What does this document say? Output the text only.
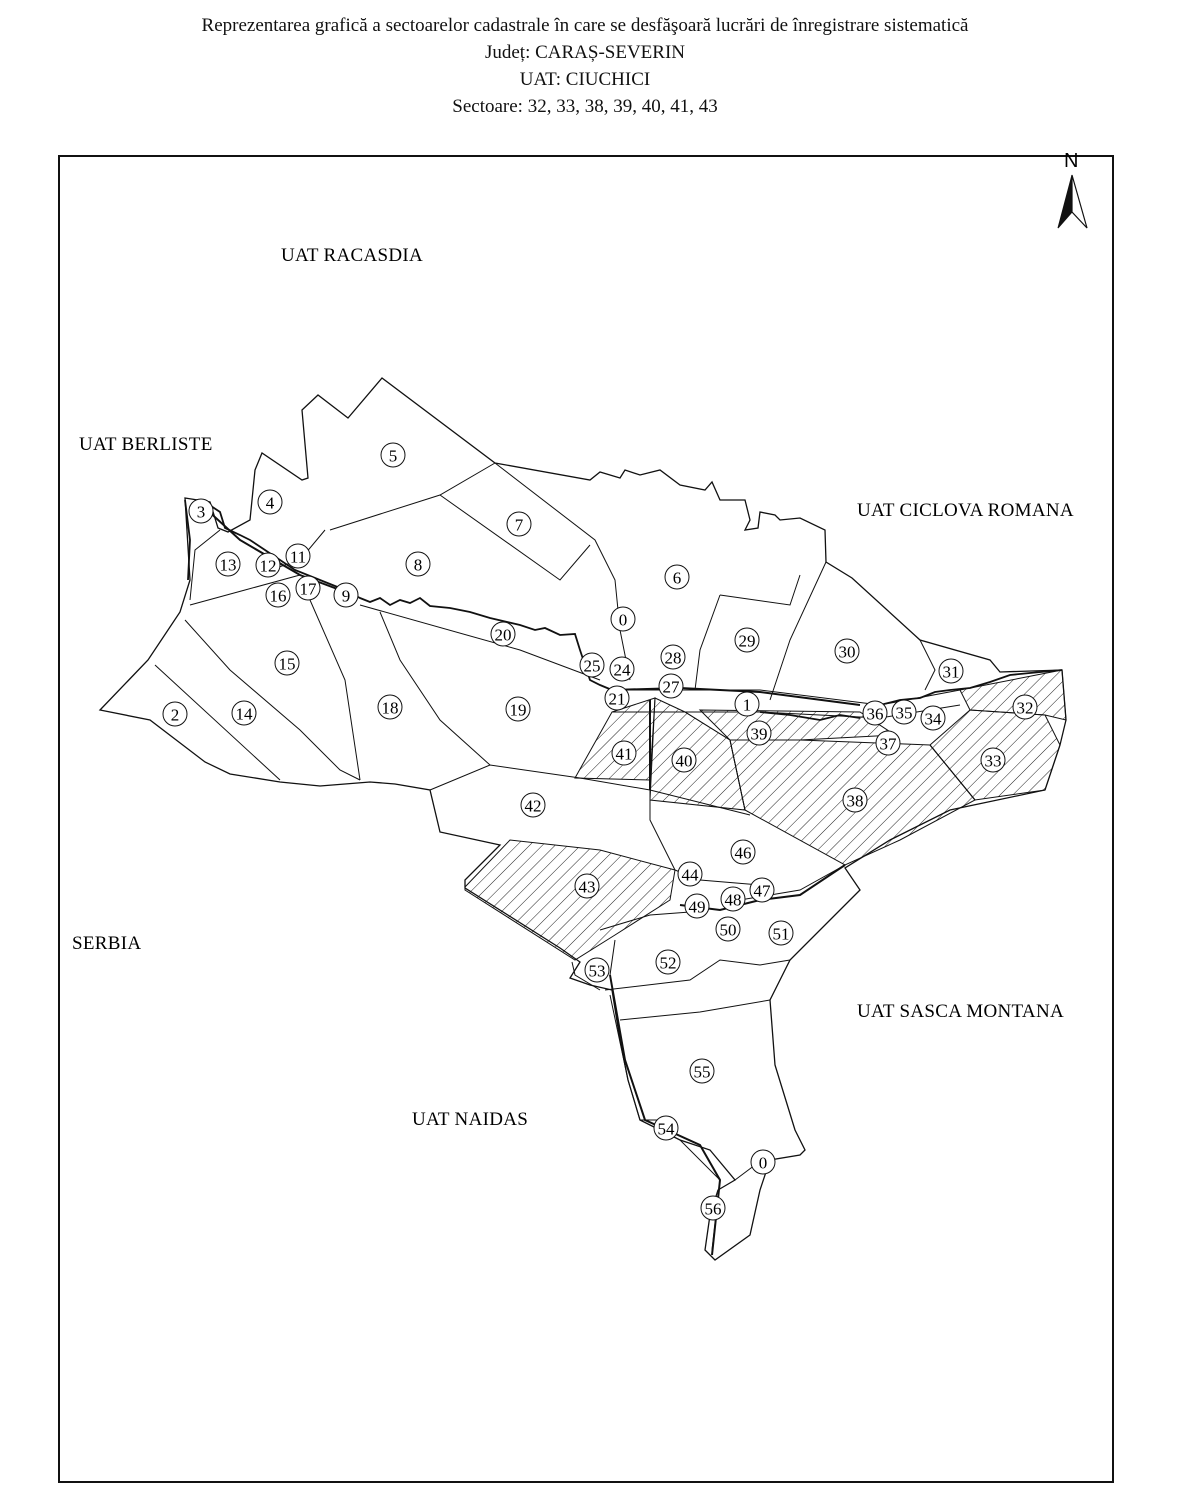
Reprezentarea grafică a sectoarelor cadastrale în care se desfăşoară lucrări de înregistrare sistematică

Județ: CARAȘ-SEVERIN

UAT: CIUCHICI

Sectoare: 32, 33, 38, 39, 40, 41, 43

UAT RACASDIA
UAT BERLISTE
UAT CICLOVA ROMANA
SERBIA
UAT SASCA MONTANA
UAT NAIDAS
N
5
4
3
7
6
8
13 12 11
16 17 9
0
20	29
30
31
15	28
25 24
21
27
2	14	18	19	1	36 35 34
32
39
37
41	40	33
38
42
46
44
43	47
48
49
50 51
53	52
55
54
0
56
